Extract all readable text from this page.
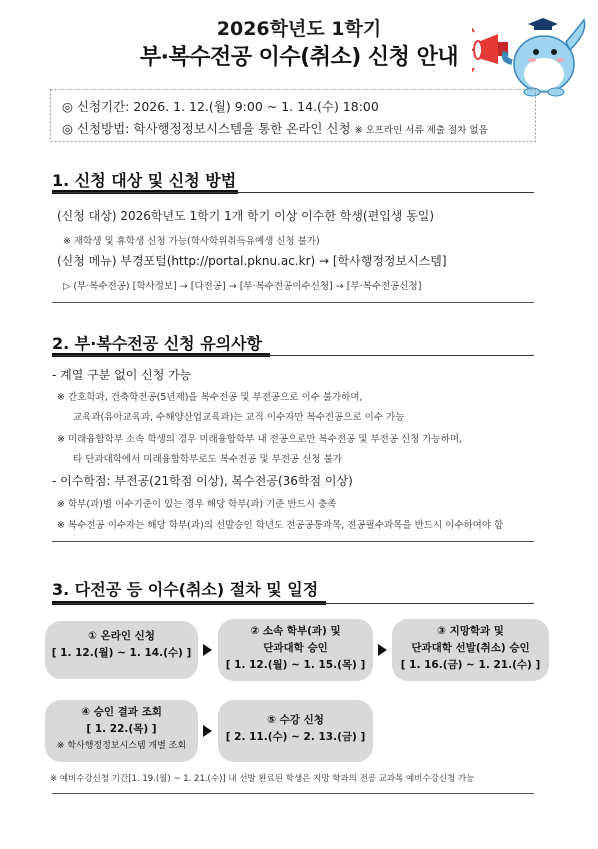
2026학년도 1학기
부·복수전공 이수(취소) 신청 안내
◎ 신청기간: 2026. 1. 12.(월) 9:00 ~ 1. 14.(수) 18:00
◎ 신청방법: 학사행정정보시스템을 통한 온라인 신청 ※ 오프라인 서류 제출 절차 없음
1. 신청 대상 및 신청 방법
(신청 대상) 2026학년도 1학기 1개 학기 이상 이수한 학생(편입생 동일)
※ 재학생 및 휴학생 신청 가능(학사학위취득유예생 신청 불가)
(신청 메뉴) 부경포털(http://portal.pknu.ac.kr) → [학사행정정보시스템]
▷ (부·복수전공) [학사정보] → [다전공] → [부·복수전공이수신청] → [부·복수전공신청]
2. 부·복수전공 신청 유의사항
- 계열 구분 없이 신청 가능
※ 간호학과, 건축학전공(5년제)을 복수전공 및 부전공으로 이수 불가하며,
교육과(유아교육과, 수해양산업교육과)는 교직 이수자만 복수전공으로 이수 가능
※ 미래융합학부 소속 학생의 경우 미래융합학부 내 전공으로만 복수전공 및 부전공 신청 가능하며,
타 단과대학에서 미래융합학부로도 복수전공 및 부전공 신청 불가
- 이수학점: 부전공(21학점 이상), 복수전공(36학점 이상)
※ 학부(과)별 이수기준이 있는 경우 해당 학부(과) 기준 반드시 충족
※ 복수전공 이수자는 해당 학부(과)의 선발승인 학년도 전공공통과목, 전공필수과목을 반드시 이수하여야 함
3. 다전공 등 이수(취소) 절차 및 일정
① 온라인 신청
[ 1. 12.(월) ~ 1. 14.(수) ]
② 소속 학부(과) 및
단과대학 승인
[ 1. 12.(월) ~ 1. 15.(목) ]
③ 지망학과 및
단과대학 선발(취소) 승인
[ 1. 16.(금) ~ 1. 21.(수) ]
④ 승인 결과 조회
[ 1. 22.(목) ]
※ 학사행정정보시스템 개별 조회
⑤ 수강 신청
[ 2. 11.(수) ~ 2. 13.(금) ]
※ 예비수강신청 기간[1. 19.(월) ~ 1. 21.(수)] 내 선발 완료된 학생은 지망 학과의 전공 교과목 예비수강신청 가능
